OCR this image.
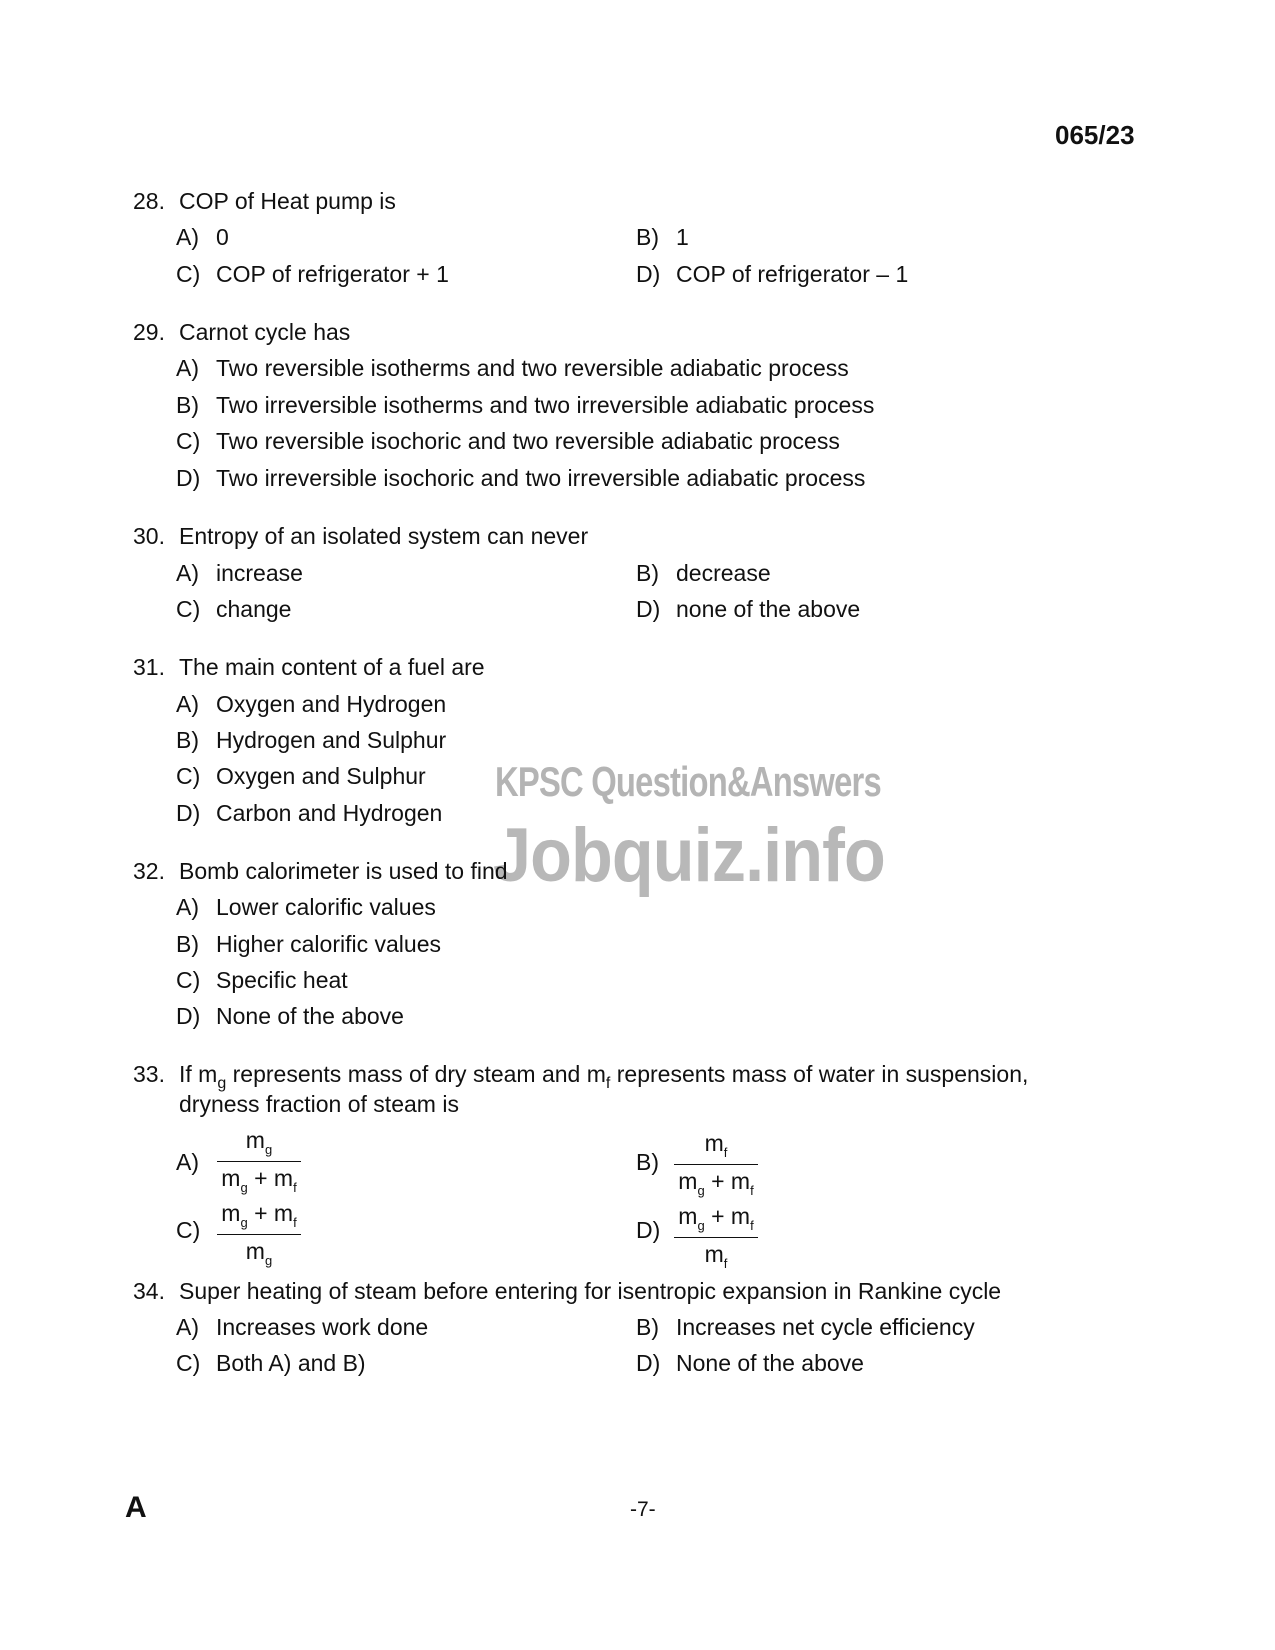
065/23
28. COP of Heat pump is
A) 0	B) 1
C) COP of refrigerator + 1	D) COP of refrigerator – 1
29. Carnot cycle has
A) Two reversible isotherms and two reversible adiabatic process
B) Two irreversible isotherms and two irreversible adiabatic process
C) Two reversible isochoric and two reversible adiabatic process
D) Two irreversible isochoric and two irreversible adiabatic process
30. Entropy of an isolated system can never
A) increase	B) decrease
C) change	D) none of the above
31. The main content of a fuel are
A) Oxygen and Hydrogen
B) Hydrogen and Sulphur
C) Oxygen and Sulphur
D) Carbon and Hydrogen
KPSC Question&Answers
Jobquiz.info
32. Bomb calorimeter is used to find
A) Lower calorific values
B) Higher calorific values
C) Specific heat
D) None of the above
33. If $m_g$ represents mass of dry steam and $m_f$ represents mass of water in suspension,
dryness fraction of steam is
$A) \frac{m_g}{m_g + m_f}$	$B) \frac{m_f}{m_g + m_f}$
$C) \frac{m_g + m_f}{m_g}$	$D) \frac{m_g + m_f}{m_f}$
34. Super heating of steam before entering for isentropic expansion in Rankine cycle
A) Increases work done	B) Increases net cycle efficiency
C) Both A) and B)	D) None of the above
A	-7-
